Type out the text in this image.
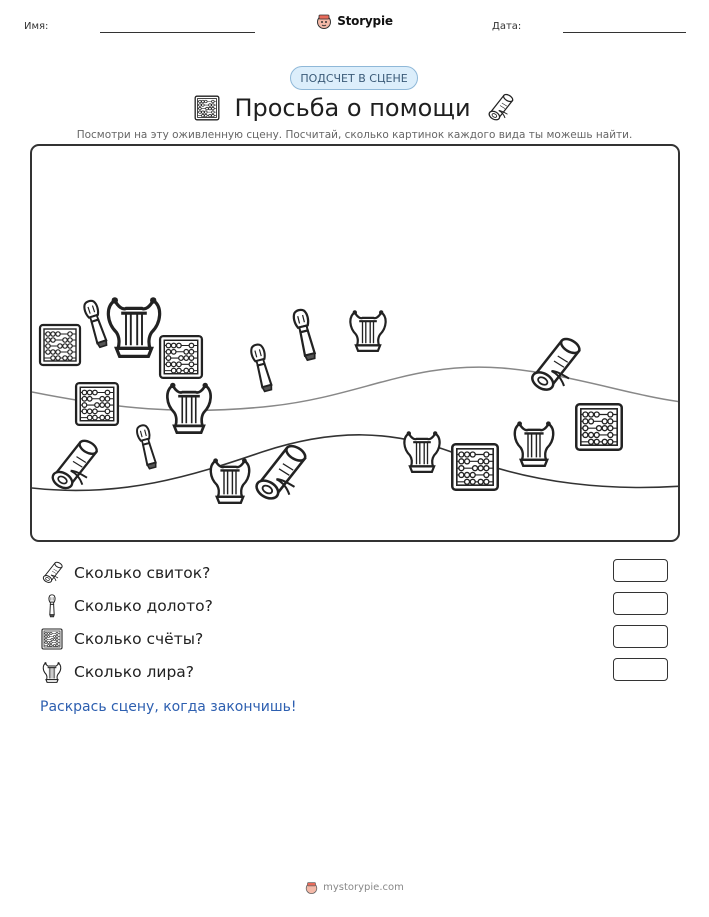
Имя:	Дата:
Storypie
ПОДСЧЕТ В СЦЕНЕ
Просьба о помощи
Посмотри на эту оживленную сцену. Посчитай, сколько картинок каждого вида ты можешь найти.
Сколько свиток?
Сколько долото?
Сколько счёты?
Сколько лира?
Раскрась сцену, когда закончишь!
mystorypie.com
